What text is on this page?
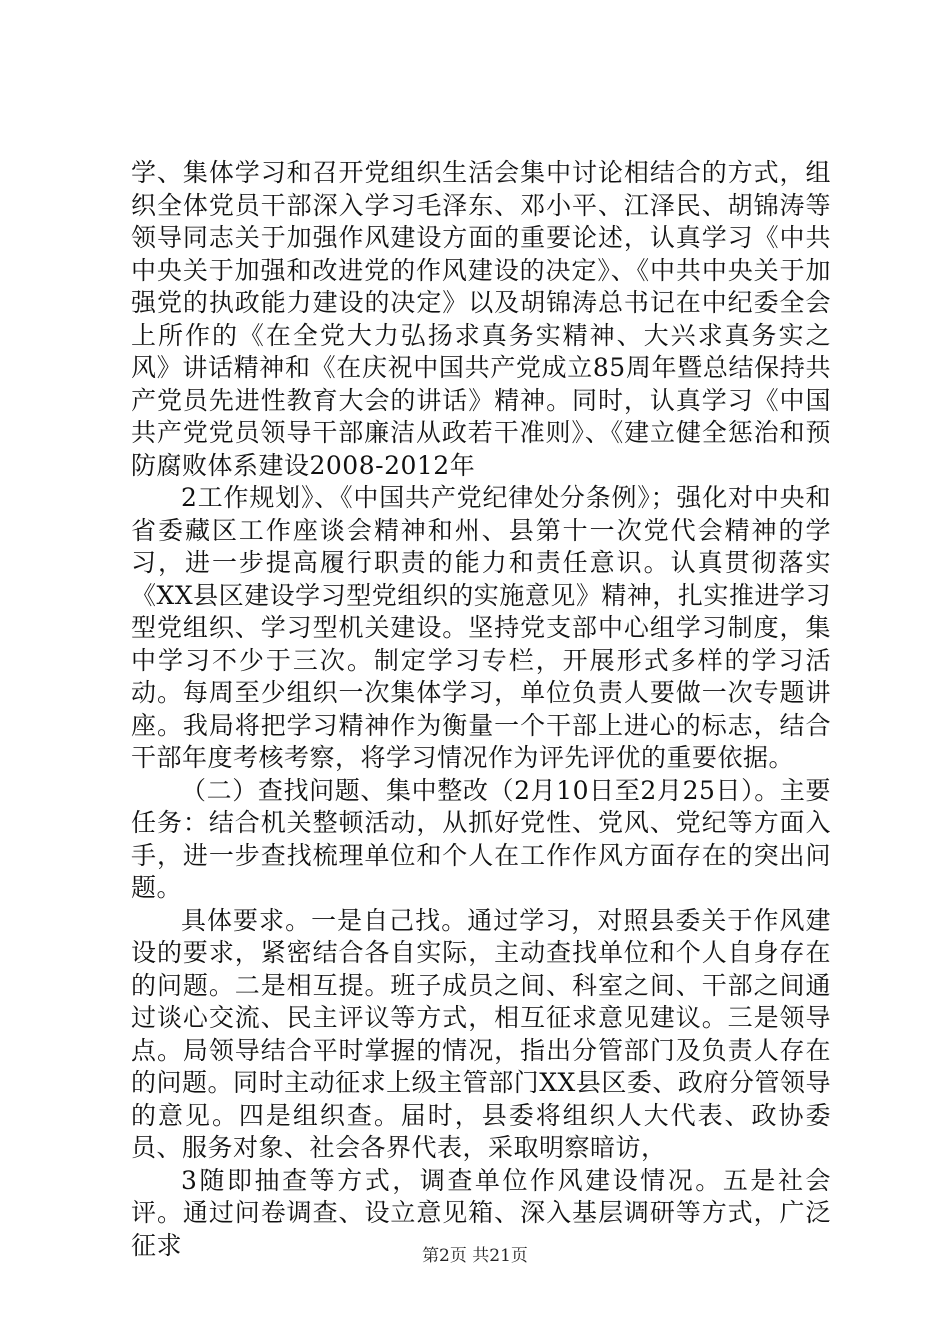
学、集体学习和召开党组织生活会集中讨论相结合的方式，组织全体党员干部深入学习毛泽东、邓小平、江泽民、胡锦涛等领导同志关于加强作风建设方面的重要论述，认真学习《中共中央关于加强和改进党的作风建设的决定》、《中共中央关于加强党的执政能力建设的决定》以及胡锦涛总书记在中纪委全会上所作的《在全党大力弘扬求真务实精神、大兴求真务实之风》讲话精神和《在庆祝中国共产党成立85周年暨总结保持共产党员先进性教育大会的讲话》精神。同时，认真学习《中国共产党党员领导干部廉洁从政若干准则》、《建立健全惩治和预防腐败体系建设2008-2012年

2工作规划》、《中国共产党纪律处分条例》；强化对中央和省委藏区工作座谈会精神和州、县第十一次党代会精神的学习，进一步提高履行职责的能力和责任意识。认真贯彻落实《XX县区建设学习型党组织的实施意见》精神，扎实推进学习型党组织、学习型机关建设。坚持党支部中心组学习制度，集中学习不少于三次。制定学习专栏，开展形式多样的学习活动。每周至少组织一次集体学习，单位负责人要做一次专题讲座。我局将把学习精神作为衡量一个干部上进心的标志，结合干部年度考核考察，将学习情况作为评先评优的重要依据。

（二）查找问题、集中整改（2月10日至2月25日）。主要任务：结合机关整顿活动，从抓好党性、党风、党纪等方面入手，进一步查找梳理单位和个人在工作作风方面存在的突出问题。

具体要求。一是自己找。通过学习，对照县委关于作风建设的要求，紧密结合各自实际，主动查找单位和个人自身存在的问题。二是相互提。班子成员之间、科室之间、干部之间通过谈心交流、民主评议等方式，相互征求意见建议。三是领导点。局领导结合平时掌握的情况，指出分管部门及负责人存在的问题。同时主动征求上级主管部门XX县区委、政府分管领导的意见。四是组织查。届时，县委将组织人大代表、政协委员、服务对象、社会各界代表，采取明察暗访，

3随即抽查等方式，调查单位作风建设情况。五是社会评。通过问卷调查、设立意见箱、深入基层调研等方式，广泛征求	第2页 共21页
